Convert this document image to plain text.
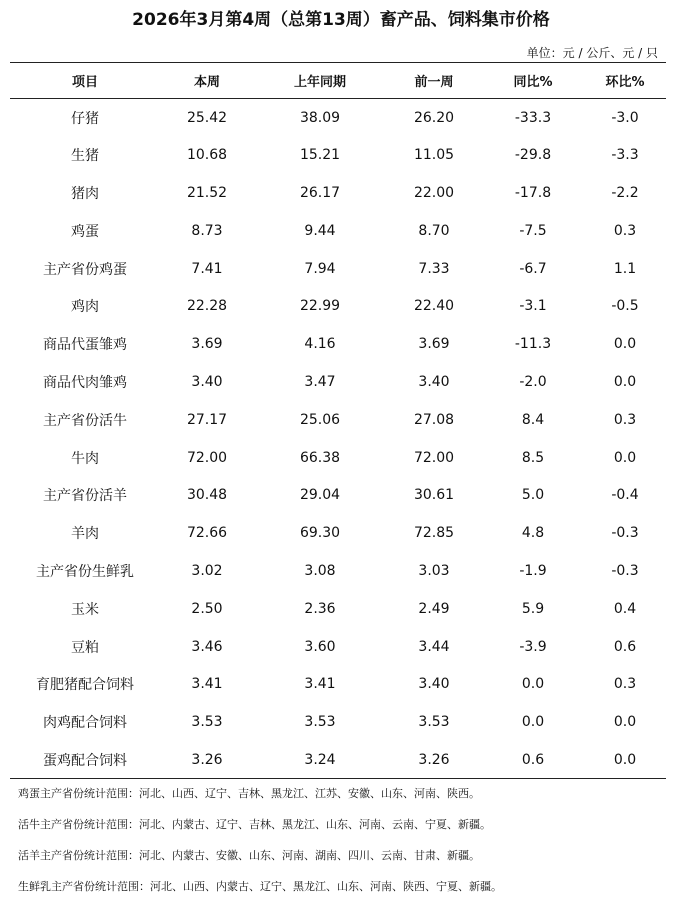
2026年3月第4周（总第13周）畜产品、饲料集市价格
单位：元 / 公斤、元 / 只
项目	本周	上年同期	前一周	同比%	环比%
仔猪	25.42	38.09	26.20	-33.3	-3.0
生猪	10.68	15.21	11.05	-29.8	-3.3
猪肉	21.52	26.17	22.00	-17.8	-2.2
鸡蛋	8.73	9.44	8.70	-7.5	0.3
主产省份鸡蛋	7.41	7.94	7.33	-6.7	1.1
鸡肉	22.28	22.99	22.40	-3.1	-0.5
商品代蛋雏鸡	3.69	4.16	3.69	-11.3	0.0
商品代肉雏鸡	3.40	3.47	3.40	-2.0	0.0
主产省份活牛	27.17	25.06	27.08	8.4	0.3
牛肉	72.00	66.38	72.00	8.5	0.0
主产省份活羊	30.48	29.04	30.61	5.0	-0.4
羊肉	72.66	69.30	72.85	4.8	-0.3
主产省份生鲜乳	3.02	3.08	3.03	-1.9	-0.3
玉米	2.50	2.36	2.49	5.9	0.4
豆粕	3.46	3.60	3.44	-3.9	0.6
育肥猪配合饲料	3.41	3.41	3.40	0.0	0.3
肉鸡配合饲料	3.53	3.53	3.53	0.0	0.0
蛋鸡配合饲料	3.26	3.24	3.26	0.6	0.0
鸡蛋主产省份统计范围：河北、山西、辽宁、吉林、黑龙江、江苏、安徽、山东、河南、陕西。
活牛主产省份统计范围：河北、内蒙古、辽宁、吉林、黑龙江、山东、河南、云南、宁夏、新疆。
活羊主产省份统计范围：河北、内蒙古、安徽、山东、河南、湖南、四川、云南、甘肃、新疆。
生鲜乳主产省份统计范围：河北、山西、内蒙古、辽宁、黑龙江、山东、河南、陕西、宁夏、新疆。
